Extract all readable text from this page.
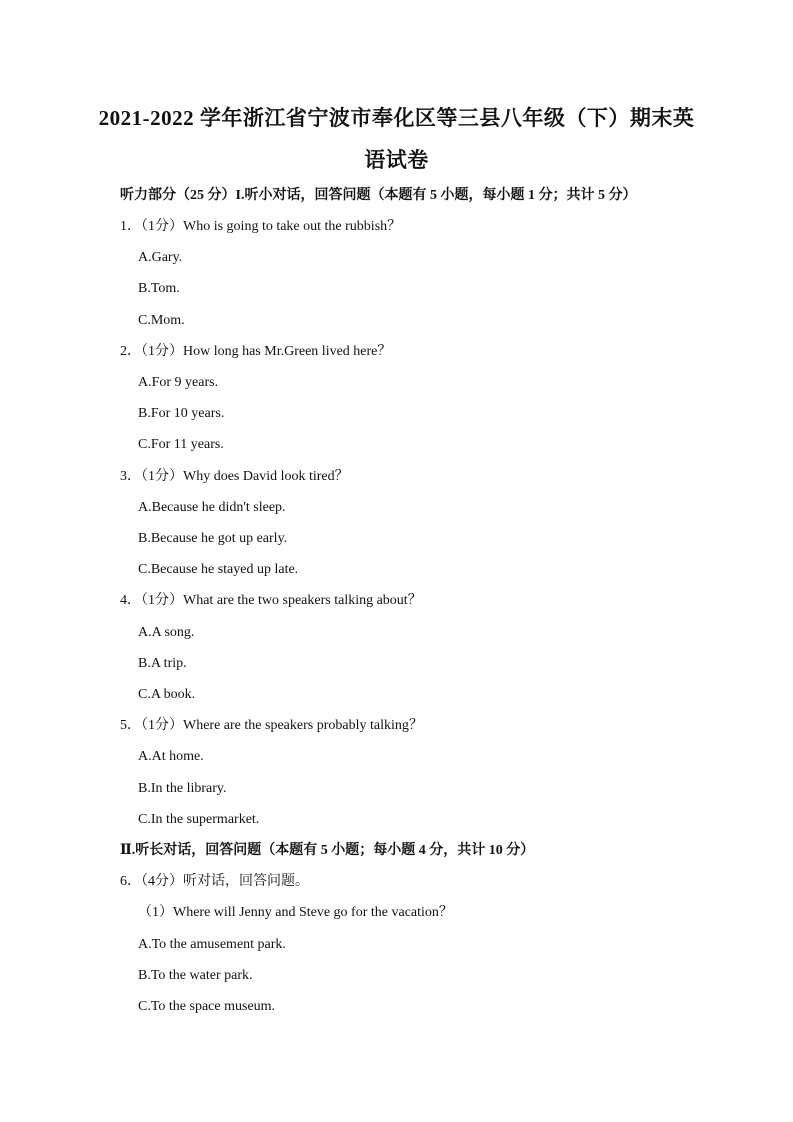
2021-2022 学年浙江省宁波市奉化区等三县八年级（下）期末英
语试卷
听力部分（25 分）I.听小对话，回答问题（本题有 5 小题，每小题 1 分；共计 5 分）
1．（1分）Who is going to take out the rubbish？
A.Gary.
B.Tom.
C.Mom.
2．（1分）How long has Mr.Green lived here？
A.For 9 years.
B.For 10 years.
C.For 11 years.
3．（1分）Why does David look tired？
A.Because he didn't sleep.
B.Because he got up early.
C.Because he stayed up late.
4．（1分）What are the two speakers talking about？
A.A song.
B.A trip.
C.A book.
5．（1分）Where are the speakers probably talking？
A.At home.
B.In the library.
C.In the supermarket.
Ⅱ.听长对话，回答问题（本题有 5 小题；每小题 4 分，共计 10 分）
6．（4分）听对话，回答问题。
（1）Where will Jenny and Steve go for the vacation？
A.To the amusement park.
B.To the water park.
C.To the space museum.
